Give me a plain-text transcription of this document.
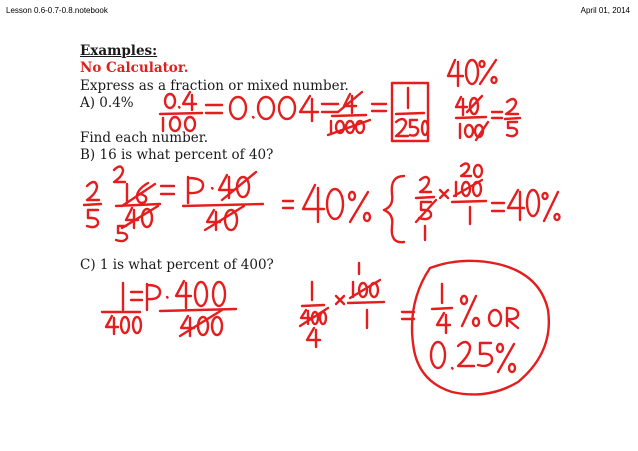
Lesson 0.6-0.7-0.8.notebook	April 01, 2014
Examples:
No Calculator.
Express as a fraction or mixed number.
A) 0.4%
Find each number.
B) 16 is what percent of 40?
C) 1 is what percent of 400?
